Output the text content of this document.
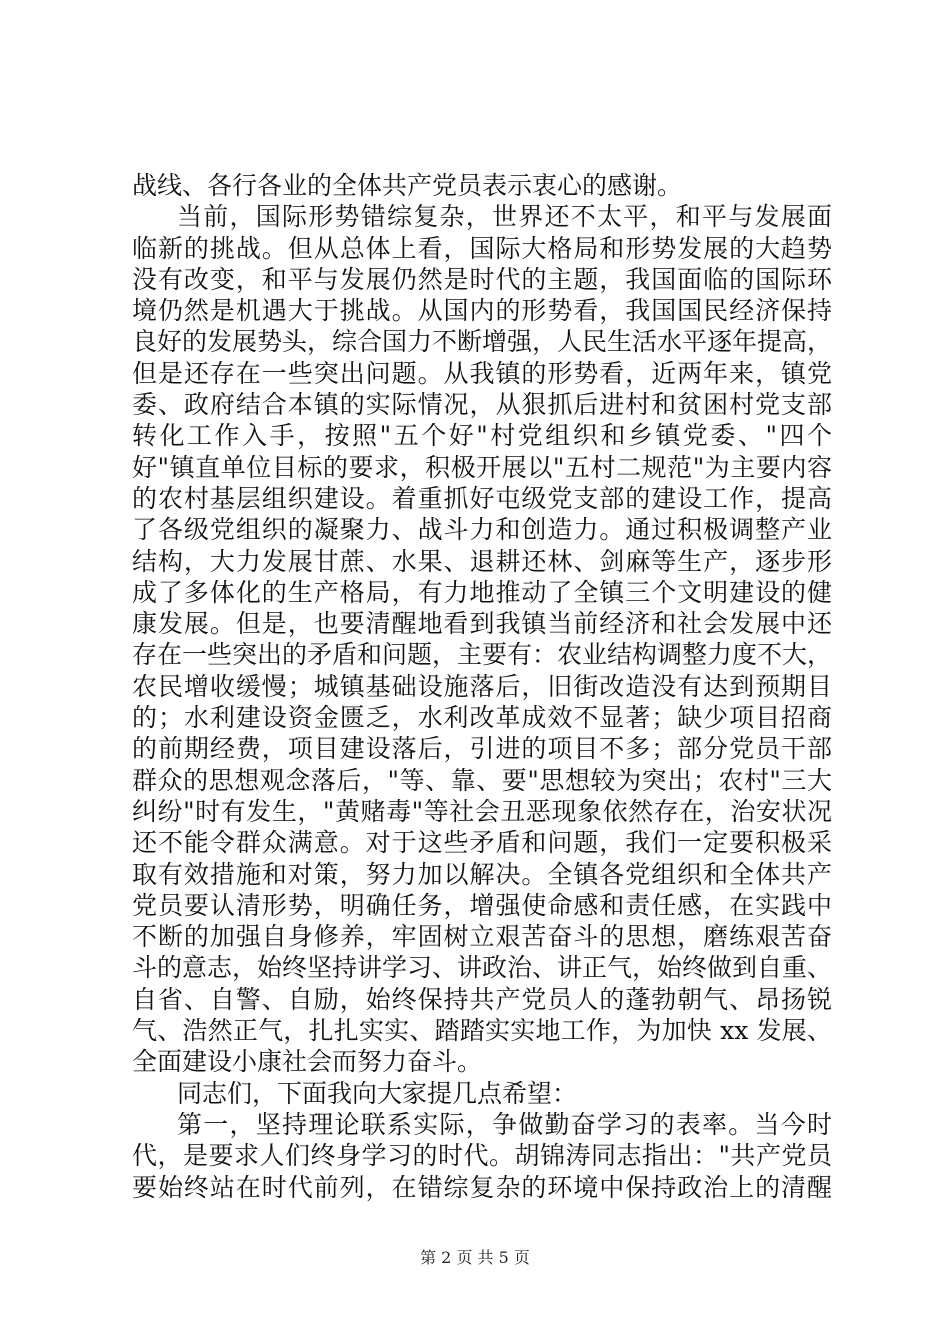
战线、各行各业的全体共产党员表示衷心的感谢。
当前，国际形势错综复杂，世界还不太平，和平与发展面
临新的挑战。但从总体上看，国际大格局和形势发展的大趋势
没有改变，和平与发展仍然是时代的主题，我国面临的国际环
境仍然是机遇大于挑战。从国内的形势看，我国国民经济保持
良好的发展势头，综合国力不断增强，人民生活水平逐年提高，
但是还存在一些突出问题。从我镇的形势看，近两年来，镇党
委、政府结合本镇的实际情况，从狠抓后进村和贫困村党支部
转化工作入手，按照"五个好"村党组织和乡镇党委、"四个
好"镇直单位目标的要求，积极开展以"五村二规范"为主要内容
的农村基层组织建设。着重抓好屯级党支部的建设工作，提高
了各级党组织的凝聚力、战斗力和创造力。通过积极调整产业
结构，大力发展甘蔗、水果、退耕还林、剑麻等生产，逐步形
成了多体化的生产格局，有力地推动了全镇三个文明建设的健
康发展。但是，也要清醒地看到我镇当前经济和社会发展中还
存在一些突出的矛盾和问题，主要有：农业结构调整力度不大，
农民增收缓慢；城镇基础设施落后，旧街改造没有达到预期目
的；水利建设资金匮乏，水利改革成效不显著；缺少项目招商
的前期经费，项目建设落后，引进的项目不多；部分党员干部
群众的思想观念落后，"等、靠、要"思想较为突出；农村"三大
纠纷"时有发生，"黄赌毒"等社会丑恶现象依然存在，治安状况
还不能令群众满意。对于这些矛盾和问题，我们一定要积极采
取有效措施和对策，努力加以解决。全镇各党组织和全体共产
党员要认清形势，明确任务，增强使命感和责任感，在实践中
不断的加强自身修养，牢固树立艰苦奋斗的思想，磨练艰苦奋
斗的意志，始终坚持讲学习、讲政治、讲正气，始终做到自重、
自省、自警、自励，始终保持共产党员人的蓬勃朝气、昂扬锐
气、浩然正气，扎扎实实、踏踏实实地工作，为加快 xx 发展、
全面建设小康社会而努力奋斗。
同志们，下面我向大家提几点希望：
第一，坚持理论联系实际，争做勤奋学习的表率。当今时
代，是要求人们终身学习的时代。胡锦涛同志指出："共产党员
要始终站在时代前列，在错综复杂的环境中保持政治上的清醒
第 2 页 共 5 页
